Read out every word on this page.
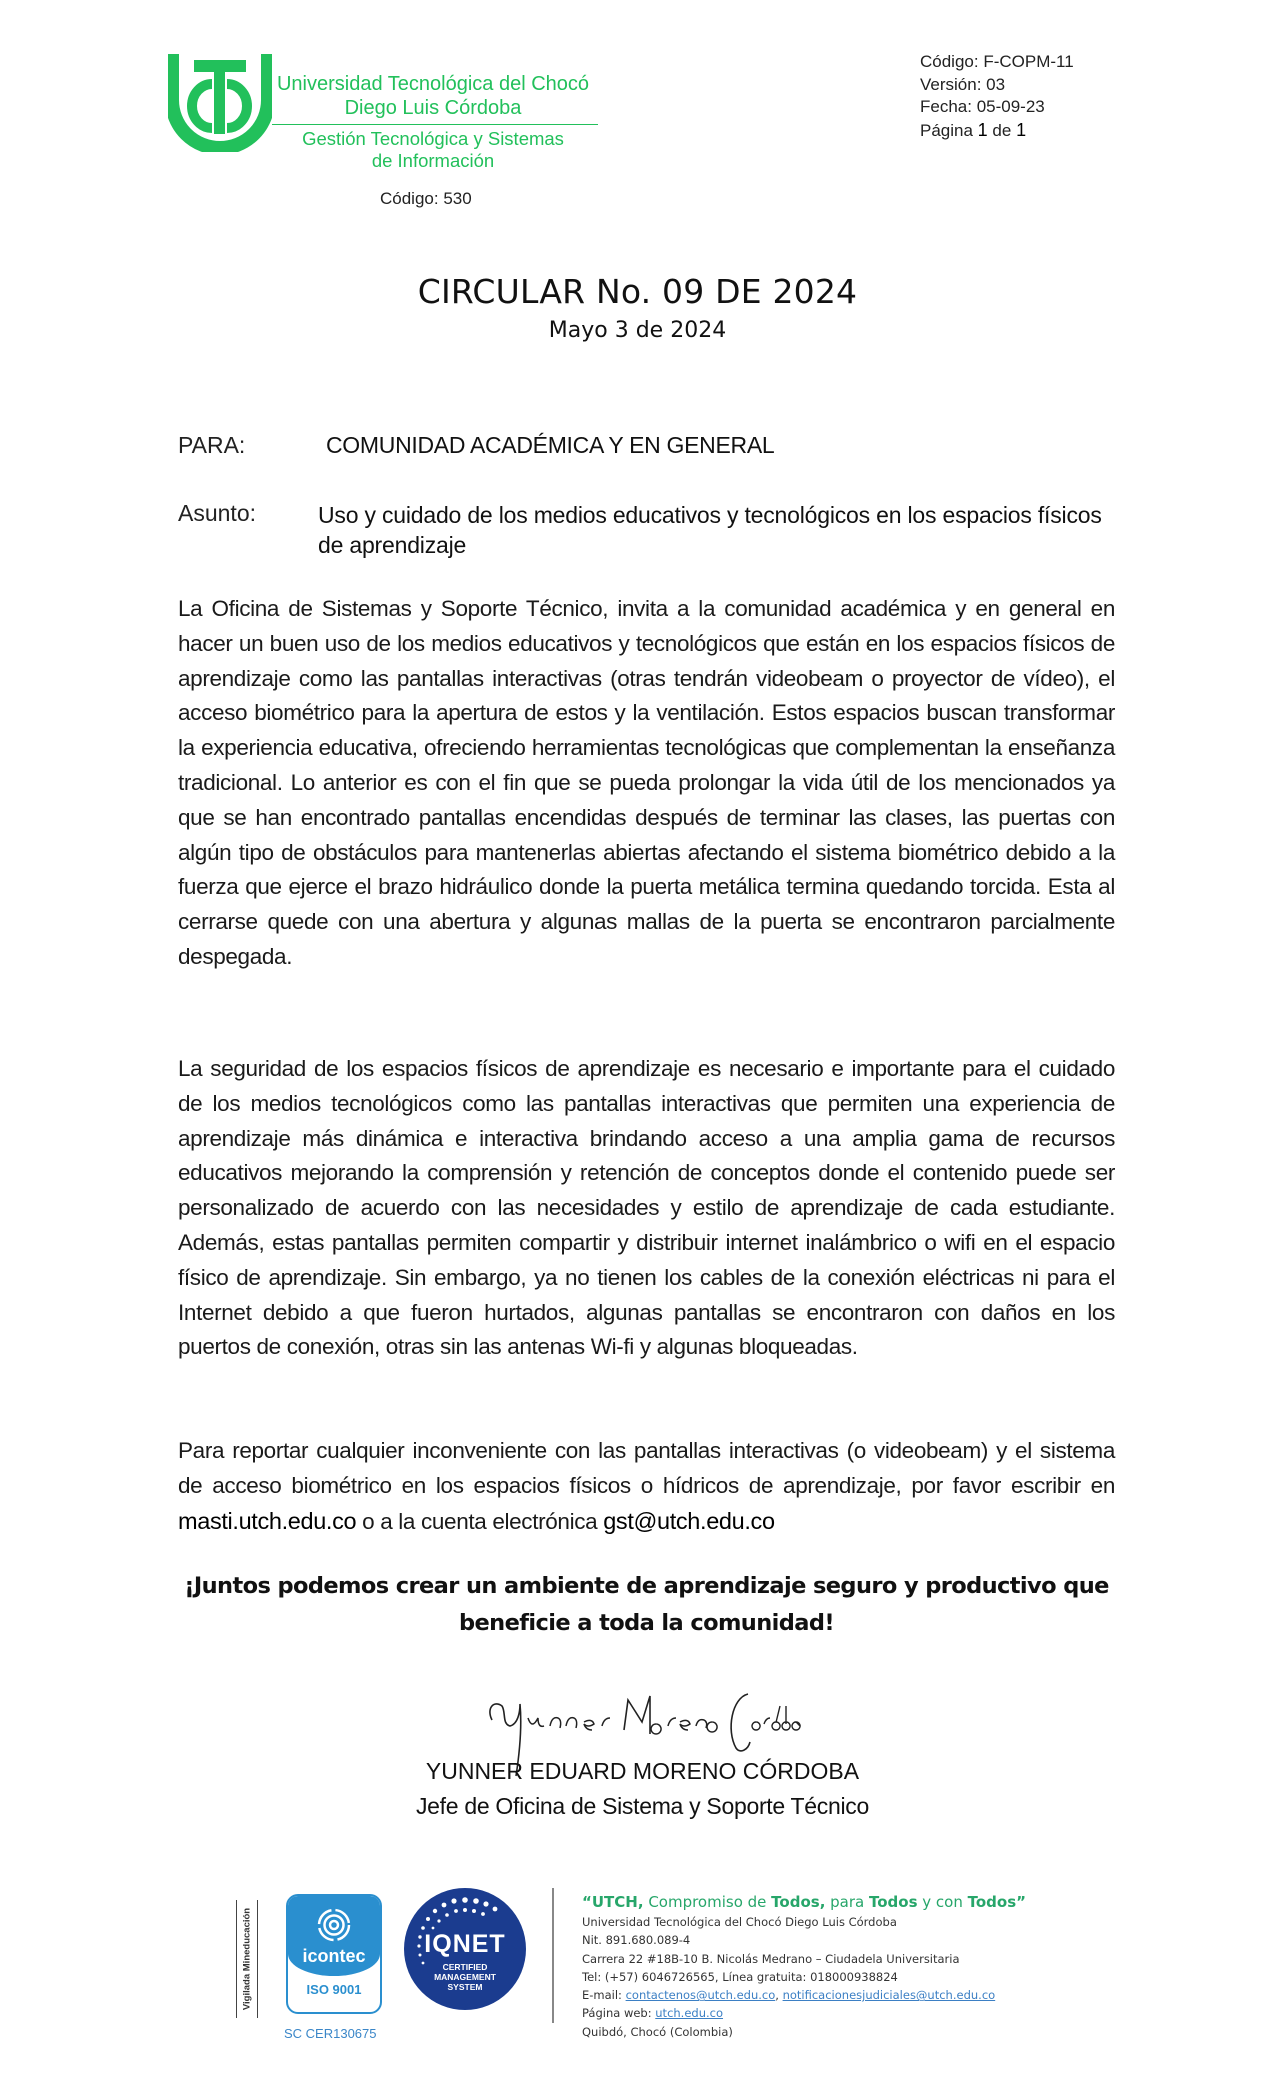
Universidad Tecnológica del Chocó
Diego Luis Córdoba
Gestión Tecnológica y Sistemas
de Información
Código: 530
Código: F-COPM-11
Versión: 03
Fecha: 05-09-23
Página 1 de 1
CIRCULAR No. 09 DE 2024
Mayo 3 de 2024
PARA:	COMUNIDAD ACADÉMICA Y EN GENERAL
Asunto:	Uso y cuidado de los medios educativos y tecnológicos en los espacios físicos de aprendizaje
La Oficina de Sistemas y Soporte Técnico, invita a la comunidad académica y en general en hacer un buen uso de los medios educativos y tecnológicos que están en los espacios físicos de aprendizaje como las pantallas interactivas (otras tendrán videobeam o proyector de vídeo), el acceso biométrico para la apertura de estos y la ventilación. Estos espacios buscan transformar la experiencia educativa, ofreciendo herramientas tecnológicas que complementan la enseñanza tradicional. Lo anterior es con el fin que se pueda prolongar la vida útil de los mencionados ya que se han encontrado pantallas encendidas después de terminar las clases, las puertas con algún tipo de obstáculos para mantenerlas abiertas afectando el sistema biométrico debido a la fuerza que ejerce el brazo hidráulico donde la puerta metálica termina quedando torcida. Esta al cerrarse quede con una abertura y algunas mallas de la puerta se encontraron parcialmente despegada.
La seguridad de los espacios físicos de aprendizaje es necesario e importante para el cuidado de los medios tecnológicos como las pantallas interactivas que permiten una experiencia de aprendizaje más dinámica e interactiva brindando acceso a una amplia gama de recursos educativos mejorando la comprensión y retención de conceptos donde el contenido puede ser personalizado de acuerdo con las necesidades y estilo de aprendizaje de cada estudiante. Además, estas pantallas permiten compartir y distribuir internet inalámbrico o wifi en el espacio físico de aprendizaje. Sin embargo, ya no tienen los cables de la conexión eléctricas ni para el Internet debido a que fueron hurtados, algunas pantallas se encontraron con daños en los puertos de conexión, otras sin las antenas Wi-fi y algunas bloqueadas.
Para reportar cualquier inconveniente con las pantallas interactivas (o videobeam) y el sistema de acceso biométrico en los espacios físicos o hídricos de aprendizaje, por favor escribir en masti.utch.edu.co o a la cuenta electrónica gst@utch.edu.co
¡Juntos podemos crear un ambiente de aprendizaje seguro y productivo que beneficie a toda la comunidad!
YUNNER EDUARD MORENO CÓRDOBA
Jefe de Oficina de Sistema y Soporte Técnico
Vigilada Mineducación	icontec
ISO 9001
SC CER130675
IQNET
CERTIFIED
MANAGEMENT
SYSTEM
“UTCH, Compromiso de Todos, para Todos y con Todos”
Universidad Tecnológica del Chocó Diego Luis Córdoba
Nit. 891.680.089-4
Carrera 22 #18B-10 B. Nicolás Medrano – Ciudadela Universitaria
Tel: (+57) 6046726565, Línea gratuita: 018000938824
E-mail: contactenos@utch.edu.co, notificacionesjudiciales@utch.edu.co
Página web: utch.edu.co
Quibdó, Chocó (Colombia)
